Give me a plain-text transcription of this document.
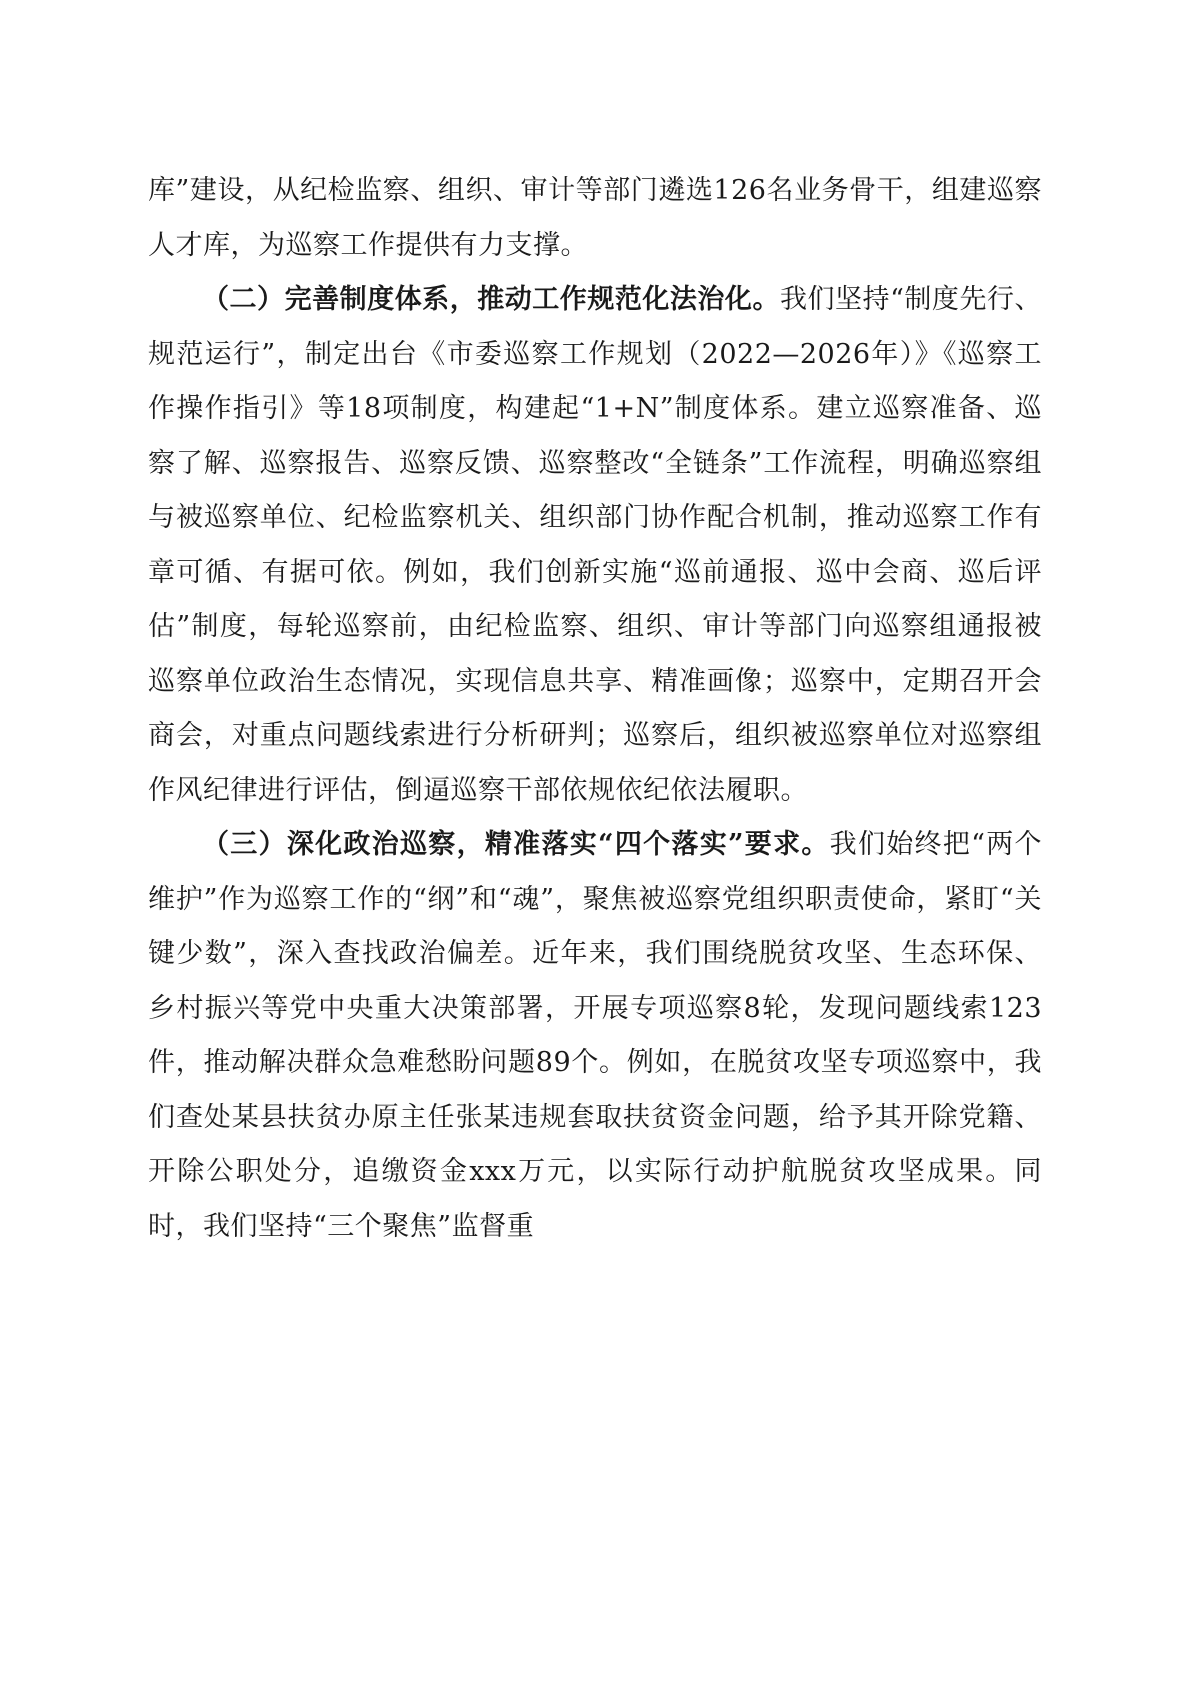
库”建设，从纪检监察、组织、审计等部门遴选126名业务骨干，组建巡察人才库，为巡察工作提供有力支撑。

（二）完善制度体系，推动工作规范化法治化。我们坚持“制度先行、规范运行”，制定出台《市委巡察工作规划（2022—2026年）》《巡察工作操作指引》等18项制度，构建起“1+N”制度体系。建立巡察准备、巡察了解、巡察报告、巡察反馈、巡察整改“全链条”工作流程，明确巡察组与被巡察单位、纪检监察机关、组织部门协作配合机制，推动巡察工作有章可循、有据可依。例如，我们创新实施“巡前通报、巡中会商、巡后评估”制度，每轮巡察前，由纪检监察、组织、审计等部门向巡察组通报被巡察单位政治生态情况，实现信息共享、精准画像；巡察中，定期召开会商会，对重点问题线索进行分析研判；巡察后，组织被巡察单位对巡察组作风纪律进行评估，倒逼巡察干部依规依纪依法履职。

（三）深化政治巡察，精准落实“四个落实”要求。我们始终把“两个维护”作为巡察工作的“纲”和“魂”，聚焦被巡察党组织职责使命，紧盯“关键少数”，深入查找政治偏差。近年来，我们围绕脱贫攻坚、生态环保、乡村振兴等党中央重大决策部署，开展专项巡察8轮，发现问题线索123件，推动解决群众急难愁盼问题89个。例如，在脱贫攻坚专项巡察中，我们查处某县扶贫办原主任张某违规套取扶贫资金问题，给予其开除党籍、开除公职处分，追缴资金xxx万元，以实际行动护航脱贫攻坚成果。同时，我们坚持“三个聚焦”监督重
